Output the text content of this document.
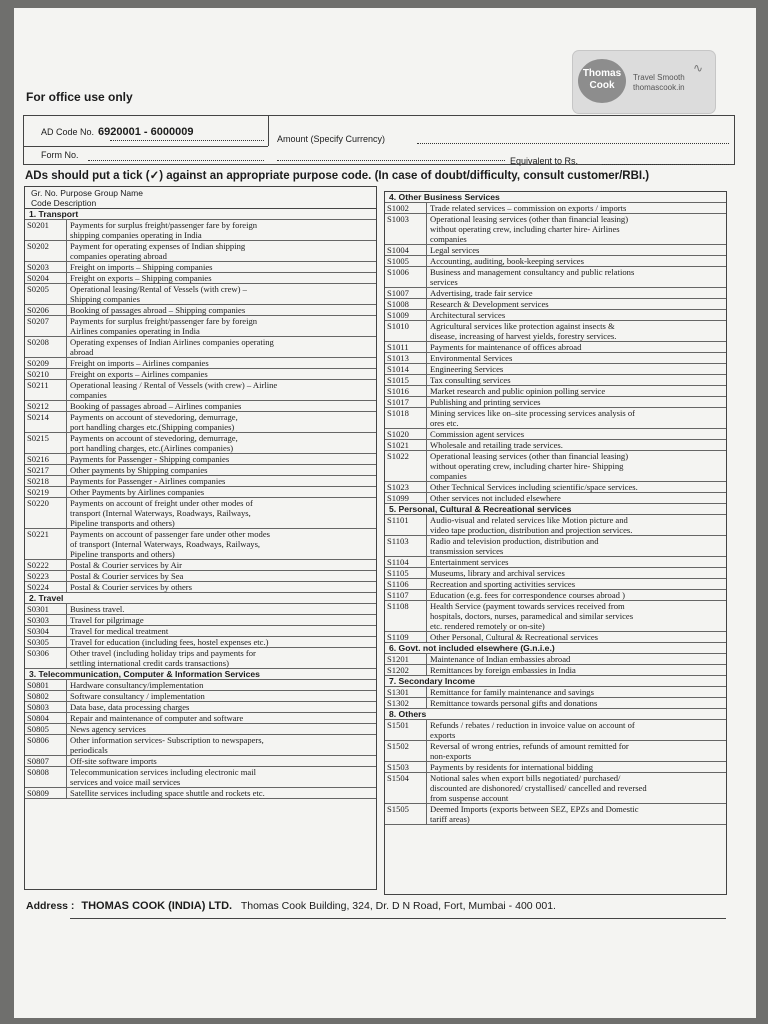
For office use only
Thomas
Cook
Travel Smooth
thomascook.in
∿
AD Code No. 6920001 - 6000009
Form No.
Amount (Specify Currency)
Equivalent to Rs.
ADs should put a tick (✓) against an appropriate purpose code. (In case of doubt/difficulty, consult customer/RBI.)
Gr. No. Purpose Group Name
Code Description
1. Transport
S0201	Payments for surplus freight/passenger fare by foreign
shipping companies operating in India
S0202	Payment for operating expenses of Indian shipping
companies operating abroad
S0203	Freight on imports – Shipping companies
S0204	Freight on exports – Shipping companies
S0205	Operational leasing/Rental of Vessels (with crew) –
Shipping companies
S0206	Booking of passages abroad – Shipping companies
S0207	Payments for surplus freight/passenger fare by foreign
Airlines companies operating in India
S0208	Operating expenses of Indian Airlines companies operating
abroad
S0209	Freight on imports – Airlines companies
S0210	Freight on exports – Airlines companies
S0211	Operational leasing / Rental of Vessels (with crew) – Airline
companies
S0212	Booking of passages abroad – Airlines companies
S0214	Payments on account of stevedoring, demurrage,
port handling charges etc.(Shipping companies)
S0215	Payments on account of stevedoring, demurrage,
port handling charges, etc.(Airlines companies)
S0216	Payments for Passenger - Shipping companies
S0217	Other payments by Shipping companies
S0218	Payments for Passenger - Airlines companies
S0219	Other Payments by Airlines companies
S0220	Payments on account of freight under other modes of
transport (Internal Waterways, Roadways, Railways,
Pipeline transports and others)
S0221	Payments on account of passenger fare under other modes
of transport (Internal Waterways, Roadways, Railways,
Pipeline transports and others)
S0222	Postal & Courier services by Air
S0223	Postal & Courier services by Sea
S0224	Postal & Courier services by others
2. Travel
S0301	Business travel.
S0303	Travel for pilgrimage
S0304	Travel for medical treatment
S0305	Travel for education (including fees, hostel expenses etc.)
S0306	Other travel (including holiday trips and payments for
settling international credit cards transactions)
3. Telecommunication, Computer & Information Services
S0801	Hardware consultancy/implementation
S0802	Software consultancy / implementation
S0803	Data base, data processing charges
S0804	Repair and maintenance of computer and software
S0805	News agency services
S0806	Other information services- Subscription to newspapers,
periodicals
S0807	Off-site software imports
S0808	Telecommunication services including electronic mail
services and voice mail services
S0809	Satellite services including space shuttle and rockets etc.
4. Other Business Services
S1002	Trade related services – commission on exports / imports
S1003	Operational leasing services (other than financial leasing)
without operating crew, including charter hire- Airlines
companies
S1004	Legal services
S1005	Accounting, auditing, book-keeping services
S1006	Business and management consultancy and public relations
services
S1007	Advertising, trade fair service
S1008	Research & Development services
S1009	Architectural services
S1010	Agricultural services like protection against insects &
disease, increasing of harvest yields, forestry services.
S1011	Payments for maintenance of offices abroad
S1013	Environmental Services
S1014	Engineering Services
S1015	Tax consulting services
S1016	Market research and public opinion polling service
S1017	Publishing and printing services
S1018	Mining services like on–site processing services analysis of
ores etc.
S1020	Commission agent services
S1021	Wholesale and retailing trade services.
S1022	Operational leasing services (other than financial leasing)
without operating crew, including charter hire- Shipping
companies
S1023	Other Technical Services including scientific/space services.
S1099	Other services not included elsewhere
5. Personal, Cultural & Recreational services
S1101	Audio-visual and related services like Motion picture and
video tape production, distribution and projection services.
S1103	Radio and television production, distribution and
transmission services
S1104	Entertainment services
S1105	Museums, library and archival services
S1106	Recreation and sporting activities services
S1107	Education (e.g. fees for correspondence courses abroad )
S1108	Health Service (payment towards services received from
hospitals, doctors, nurses, paramedical and similar services
etc. rendered remotely or on-site)
S1109	Other Personal, Cultural & Recreational services
6. Govt. not included elsewhere (G.n.i.e.)
S1201	Maintenance of Indian embassies abroad
S1202	Remittances by foreign embassies in India
7. Secondary Income
S1301	Remittance for family maintenance and savings
S1302	Remittance towards personal gifts and donations
8. Others
S1501	Refunds / rebates / reduction in invoice value on account of
exports
S1502	Reversal of wrong entries, refunds of amount remitted for
non-exports
S1503	Payments by residents for international bidding
S1504	Notional sales when export bills negotiated/ purchased/
discounted are dishonored/ crystallised/ cancelled and reversed
from suspense account
S1505	Deemed Imports (exports between SEZ, EPZs and Domestic
tariff areas)
Address : THOMAS COOK (INDIA) LTD. Thomas Cook Building, 324, Dr. D N Road, Fort, Mumbai - 400 001.
